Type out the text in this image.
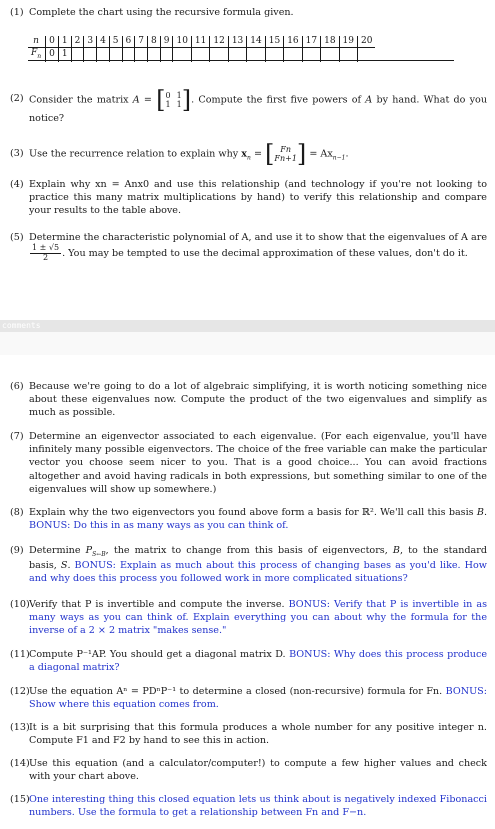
(1) Complete the chart using the recursive formula given.
n	0	1	2	3	4	5	6	7	8	9	10	11	12	13	14	15	16	17	18	19	20
$F_n$	0	1																			
(2) Consider the matrix A = [ 0 1
1 1 ]. Compute the first five powers of A by hand. What do you notice?
(3) Use the recurrence relation to explain why $x_n$ = [ Fn
Fn+1 ] = $Ax_{n-1}$.
(4) Explain why xn = Anx0 and use this relationship (and technology if you're not looking to practice this many matrix multiplications by hand) to verify this relationship and compare your results to the table above.
(5) Determine the characteristic polynomial of A, and use it to show that the eigenvalues of A are
$\frac{1 \pm √5}{2}$ . You may be tempted to use the decimal approximation of these values, don't do it.
comments
(6) Because we're going to do a lot of algebraic simplifying, it is worth noticing something nice about these eigenvalues now. Compute the product of the two eigenvalues and simplify as much as possible.
(7) Determine an eigenvector associated to each eigenvalue. (For each eigenvalue, you'll have infinitely many possible eigenvectors. The choice of the free variable can make the particular vector you choose seem nicer to you. That is a good choice... You can avoid fractions altogether and avoid having radicals in both expressions, but something similar to one of the eigenvalues will show up somewhere.)
(8) Explain why the two eigenvectors you found above form a basis for ℝ². We'll call this basis B. BONUS: Do this in as many ways as you can think of.
(9) Determine $P_{S\leftarrow B}$, the matrix to change from this basis of eigenvectors, B, to the standard basis, S. BONUS: Explain as much about this process of changing bases as you'd like. How and why does this process you followed work in more complicated situations?
(10) Verify that P is invertible and compute the inverse. BONUS: Verify that P is invertible in as many ways as you can think of. Explain everything you can about why the formula for the inverse of a 2 × 2 matrix "makes sense."
(11) Compute P⁻¹AP. You should get a diagonal matrix D. BONUS: Why does this process produce a diagonal matrix?
(12) Use the equation Aⁿ = PDⁿP⁻¹ to determine a closed (non-recursive) formula for Fn. BONUS: Show where this equation comes from.
(13) It is a bit surprising that this formula produces a whole number for any positive integer n. Compute F1 and F2 by hand to see this in action.
(14) Use this equation (and a calculator/computer!) to compute a few higher values and check with your chart above.
(15) One interesting thing this closed equation lets us think about is negatively indexed Fibonacci numbers. Use the formula to get a relationship between Fn and F−n.
